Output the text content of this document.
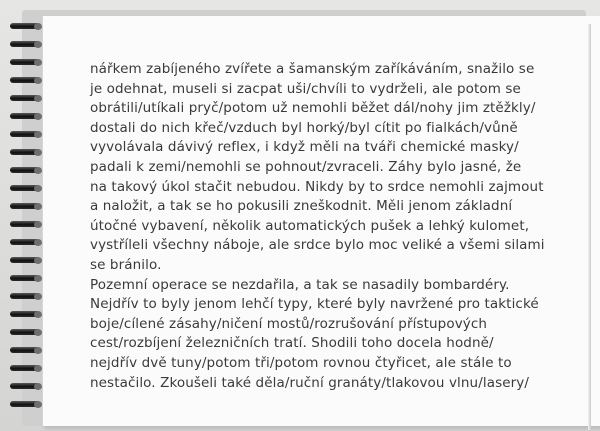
nářkem zabíjeného zvířete a šamanským zaříkáváním, snažilo se
je odehnat, museli si zacpat uši/chvíli to vydrželi, ale potom se
obrátili/utíkali pryč/potom už nemohli běžet dál/nohy jim ztěžkly/
dostali do nich křeč/vzduch byl horký/byl cítit po fialkách/vůně
vyvolávala dávivý reflex, i když měli na tváři chemické masky/
padali k zemi/nemohli se pohnout/zvraceli. Záhy bylo jasné, že
na takový úkol stačit nebudou. Nikdy by to srdce nemohli zajmout
a naložit, a tak se ho pokusili zneškodnit. Měli jenom základní
útočné vybavení, několik automatických pušek a lehký kulomet,
vystříleli všechny náboje, ale srdce bylo moc veliké a všemi silami
se bránilo.
Pozemní operace se nezdařila, a tak se nasadily bombardéry.
Nejdřív to byly jenom lehčí typy, které byly navržené pro taktické
boje/cílené zásahy/ničení mostů/rozrušování přístupových
cest/rozbíjení železničních tratí. Shodili toho docela hodně/
nejdřív dvě tuny/potom tři/potom rovnou čtyřicet, ale stále to
nestačilo. Zkoušeli také děla/ruční granáty/tlakovou vlnu/lasery/
